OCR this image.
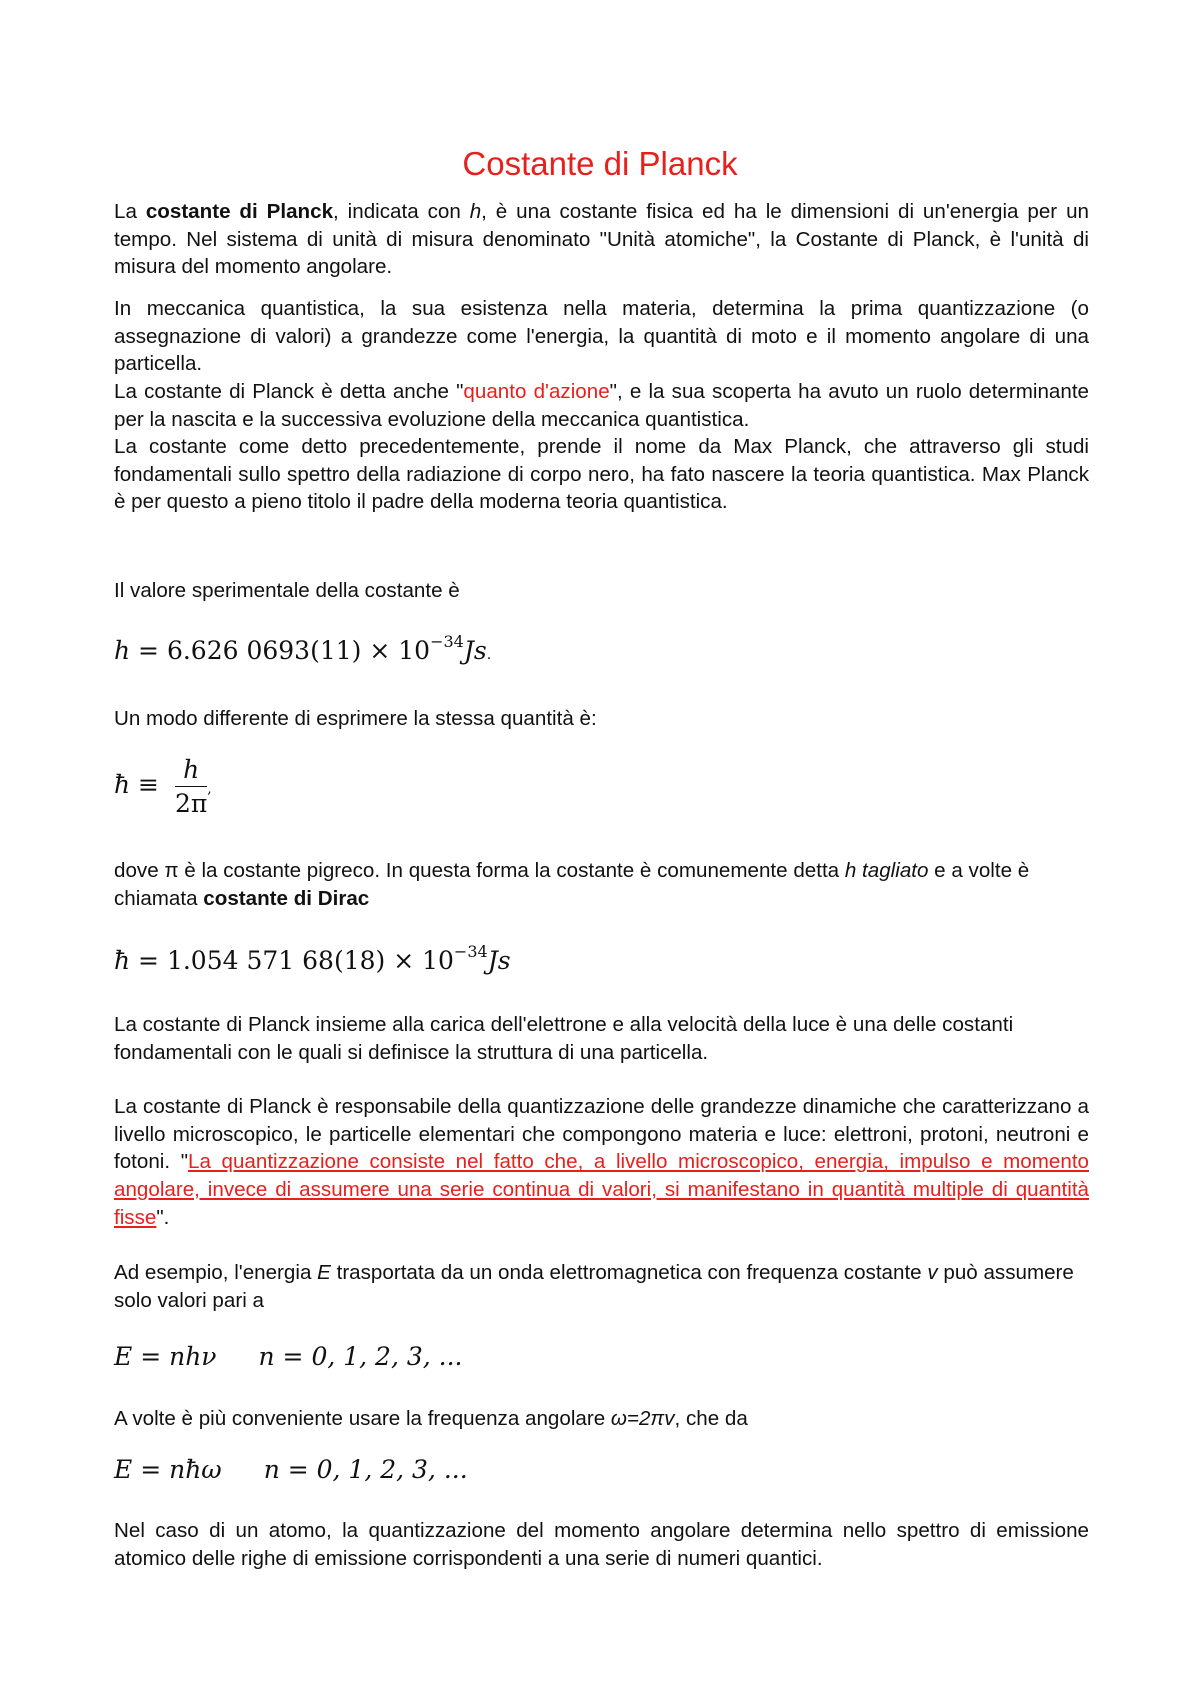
Costante di Planck

La costante di Planck, indicata con h, è una costante fisica ed ha le dimensioni di un'energia per un tempo. Nel sistema di unità di misura denominato "Unità atomiche", la Costante di Planck, è l'unità di misura del momento angolare.

In meccanica quantistica, la sua esistenza nella materia, determina la prima quantizzazione (o assegnazione di valori) a grandezze come l'energia, la quantità di moto e il momento angolare di una particella.

La costante di Planck è detta anche "quanto d'azione", e la sua scoperta ha avuto un ruolo determinante per la nascita e la successiva evoluzione della meccanica quantistica.

La costante come detto precedentemente, prende il nome da Max Planck, che attraverso gli studi fondamentali sullo spettro della radiazione di corpo nero, ha fato nascere la teoria quantistica. Max Planck è per questo a pieno titolo il padre della moderna teoria quantistica.

Il valore sperimentale della costante è

h = 6.626 $0693(11) \times 10^{-34}Js$.

Un modo differente di esprimere la stessa quantità è:

ħ ≡ $\frac{h}{2\pi}$ ,

dove π è la costante pigreco. In questa forma la costante è comunemente detta h tagliato e a volte è chiamata costante di Dirac

ħ = 1.054 571 $68(18) \times 10^{-34}Js$

La costante di Planck insieme alla carica dell'elettrone e alla velocità della luce è una delle costanti fondamentali con le quali si definisce la struttura di una particella.

La costante di Planck è responsabile della quantizzazione delle grandezze dinamiche che caratterizzano a livello microscopico, le particelle elementari che compongono materia e luce: elettroni, protoni, neutroni e fotoni. "La quantizzazione consiste nel fatto che, a livello microscopico, energia, impulso e momento angolare, invece di assumere una serie continua di valori, si manifestano in quantità multiple di quantità fisse".

Ad esempio, l'energia E trasportata da un onda elettromagnetica con frequenza costante v può assumere solo valori pari a

E = nhν n = 0, 1, 2, 3, ...

A volte è più conveniente usare la frequenza angolare ω=2πv, che da

E = nħω n = 0, 1, 2, 3, ...

Nel caso di un atomo, la quantizzazione del momento angolare determina nello spettro di emissione atomico delle righe di emissione corrispondenti a una serie di numeri quantici.
